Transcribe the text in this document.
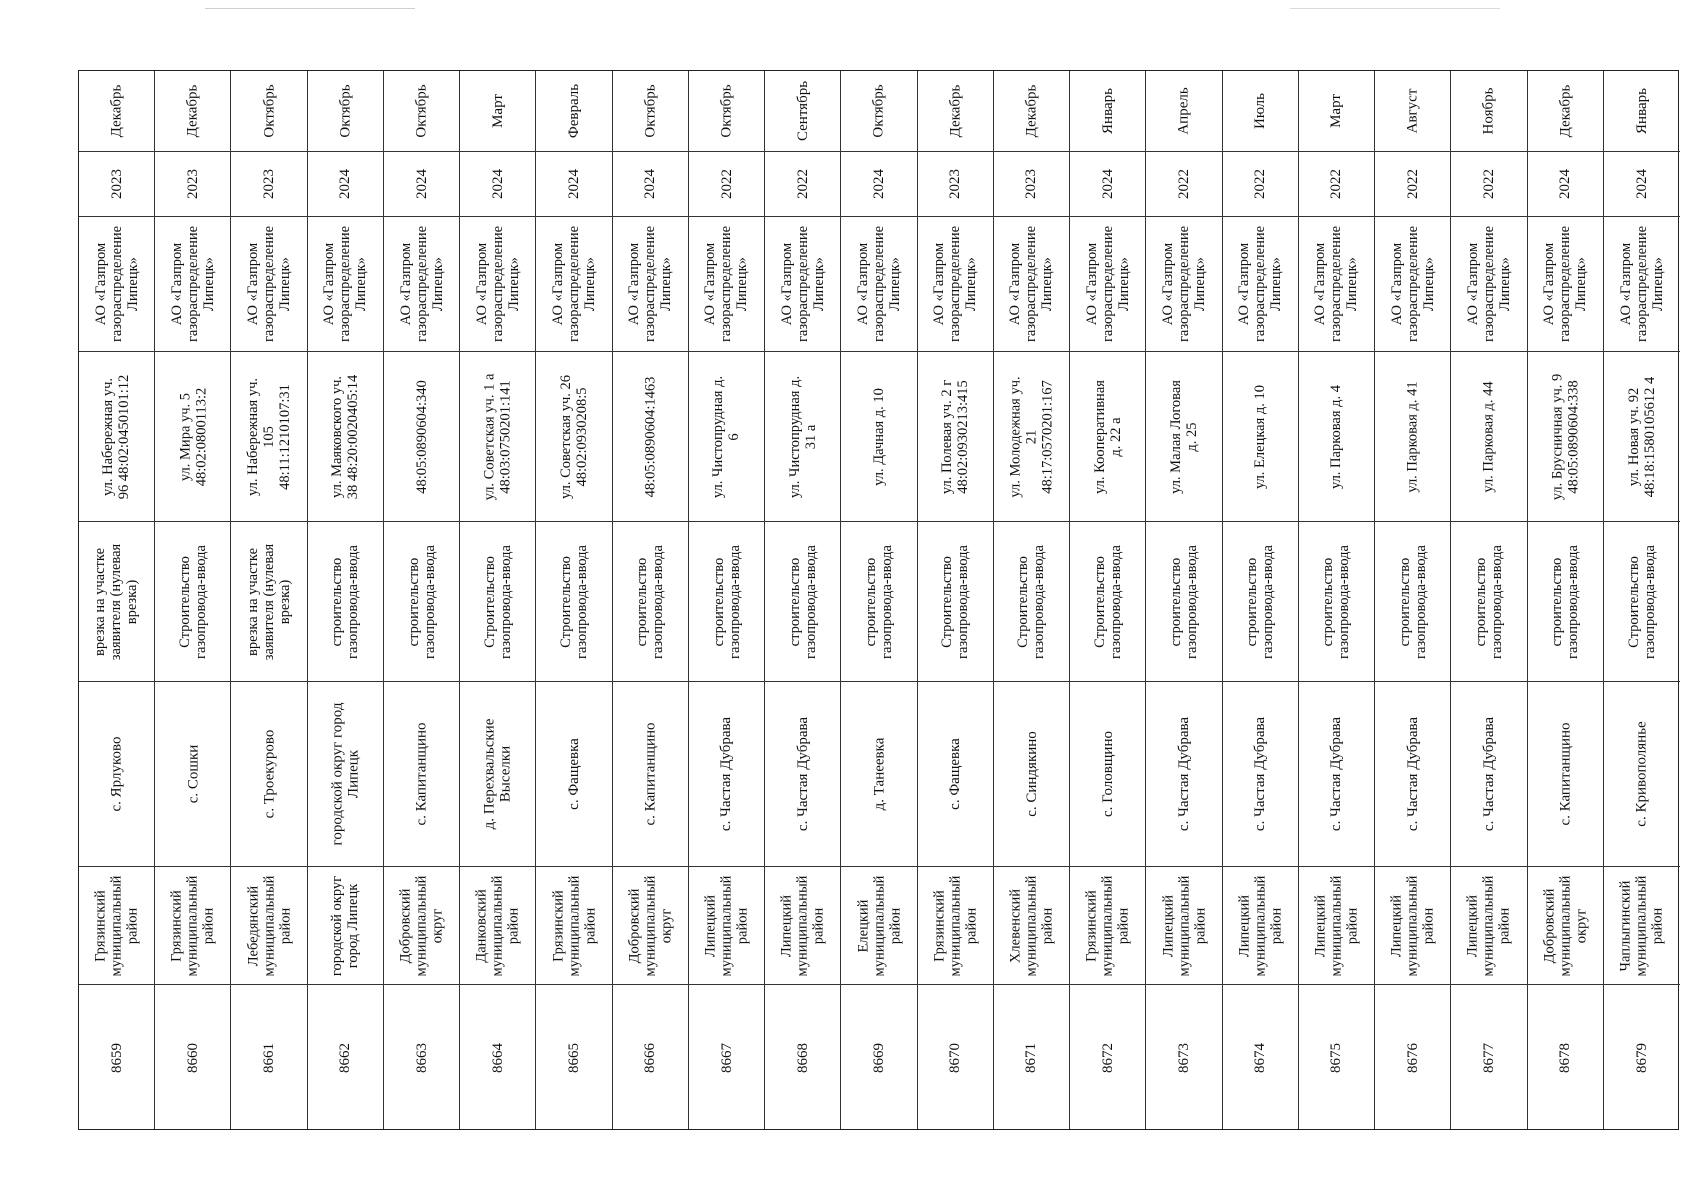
Декабрь
2023
АО «Газпром
газораспределение
Липецк»
ул. Набережная уч.
96 48:02:0450101:12
врезка на участке
заявителя (нулевая
врезка)
с. Ярлуково
Грязинский
муниципальный
район
8659
Декабрь
2023
АО «Газпром
газораспределение
Липецк»
ул. Мира уч. 5
48:02:0800113:2
Строительство
газопровода-ввода
с. Сошки
Грязинский
муниципальный
район
8660
Октябрь
2023
АО «Газпром
газораспределение
Липецк»
ул. Набережная уч.
105
48:11:1210107:31
врезка на участке
заявителя (нулевая
врезка)
с. Троекурово
Лебедянский
муниципальный
район
8661
Октябрь
2024
АО «Газпром
газораспределение
Липецк»
ул. Маяковского уч.
38 48:20:0020405:14
строительство
газопровода-ввода
городской округ город
Липецк
городской округ
город Липецк
8662
Октябрь
2024
АО «Газпром
газораспределение
Липецк»
48:05:0890604:340
строительство
газопровода-ввода
с. Капитанщино
Добровский
муниципальный
округ
8663
Март
2024
АО «Газпром
газораспределение
Липецк»
ул. Советская уч. 1 а
48:03:0750201:141
Строительство
газопровода-ввода
д. Перехвальские
Выселки
Данковский
муниципальный
район
8664
Февраль
2024
АО «Газпром
газораспределение
Липецк»
ул. Советская уч. 26
48:02:0930208:5
Строительство
газопровода-ввода
с. Фащевка
Грязинский
муниципальный
район
8665
Октябрь
2024
АО «Газпром
газораспределение
Липецк»
48:05:0890604:1463
строительство
газопровода-ввода
с. Капитанщино
Добровский
муниципальный
округ
8666
Октябрь
2022
АО «Газпром
газораспределение
Липецк»
ул. Чистопрудная д.
6
строительство
газопровода-ввода
с. Частая Дубрава
Липецкий
муниципальный
район
8667
Сентябрь
2022
АО «Газпром
газораспределение
Липецк»
ул. Чистопрудная д.
31 а
строительство
газопровода-ввода
с. Частая Дубрава
Липецкий
муниципальный
район
8668
Октябрь
2024
АО «Газпром
газораспределение
Липецк»
ул. Дачная д. 10
строительство
газопровода-ввода
д. Танеевка
Елецкий
муниципальный
район
8669
Декабрь
2023
АО «Газпром
газораспределение
Липецк»
ул. Полевая уч. 2 г
48:02:0930213:415
Строительство
газопровода-ввода
с. Фащевка
Грязинский
муниципальный
район
8670
Декабрь
2023
АО «Газпром
газораспределение
Липецк»
ул. Молодежная уч.
21
48:17:0570201:167
Строительство
газопровода-ввода
с. Синдякино
Хлевенский
муниципальный
район
8671
Январь
2024
АО «Газпром
газораспределение
Липецк»
ул. Кооперативная
д. 22 а
Строительство
газопровода-ввода
с. Головщино
Грязинский
муниципальный
район
8672
Апрель
2022
АО «Газпром
газораспределение
Липецк»
ул. Малая Логовая
д. 25
строительство
газопровода-ввода
с. Частая Дубрава
Липецкий
муниципальный
район
8673
Июль
2022
АО «Газпром
газораспределение
Липецк»
ул. Елецкая д. 10
строительство
газопровода-ввода
с. Частая Дубрава
Липецкий
муниципальный
район
8674
Март
2022
АО «Газпром
газораспределение
Липецк»
ул. Парковая д. 4
строительство
газопровода-ввода
с. Частая Дубрава
Липецкий
муниципальный
район
8675
Август
2022
АО «Газпром
газораспределение
Липецк»
ул. Парковая д. 41
строительство
газопровода-ввода
с. Частая Дубрава
Липецкий
муниципальный
район
8676
Ноябрь
2022
АО «Газпром
газораспределение
Липецк»
ул. Парковая д. 44
строительство
газопровода-ввода
с. Частая Дубрава
Липецкий
муниципальный
район
8677
Декабрь
2024
АО «Газпром
газораспределение
Липецк»
ул. Брусничная уч. 9
48:05:0890604:338
строительство
газопровода-ввода
с. Капитанщино
Добровский
муниципальный
округ
8678
Январь
2024
АО «Газпром
газораспределение
Липецк»
ул. Новая уч. 92
48:18:1580105612 4
Строительство
газопровода-ввода
с. Кривополянье
Чаплыгинский
муниципальный
район
8679
